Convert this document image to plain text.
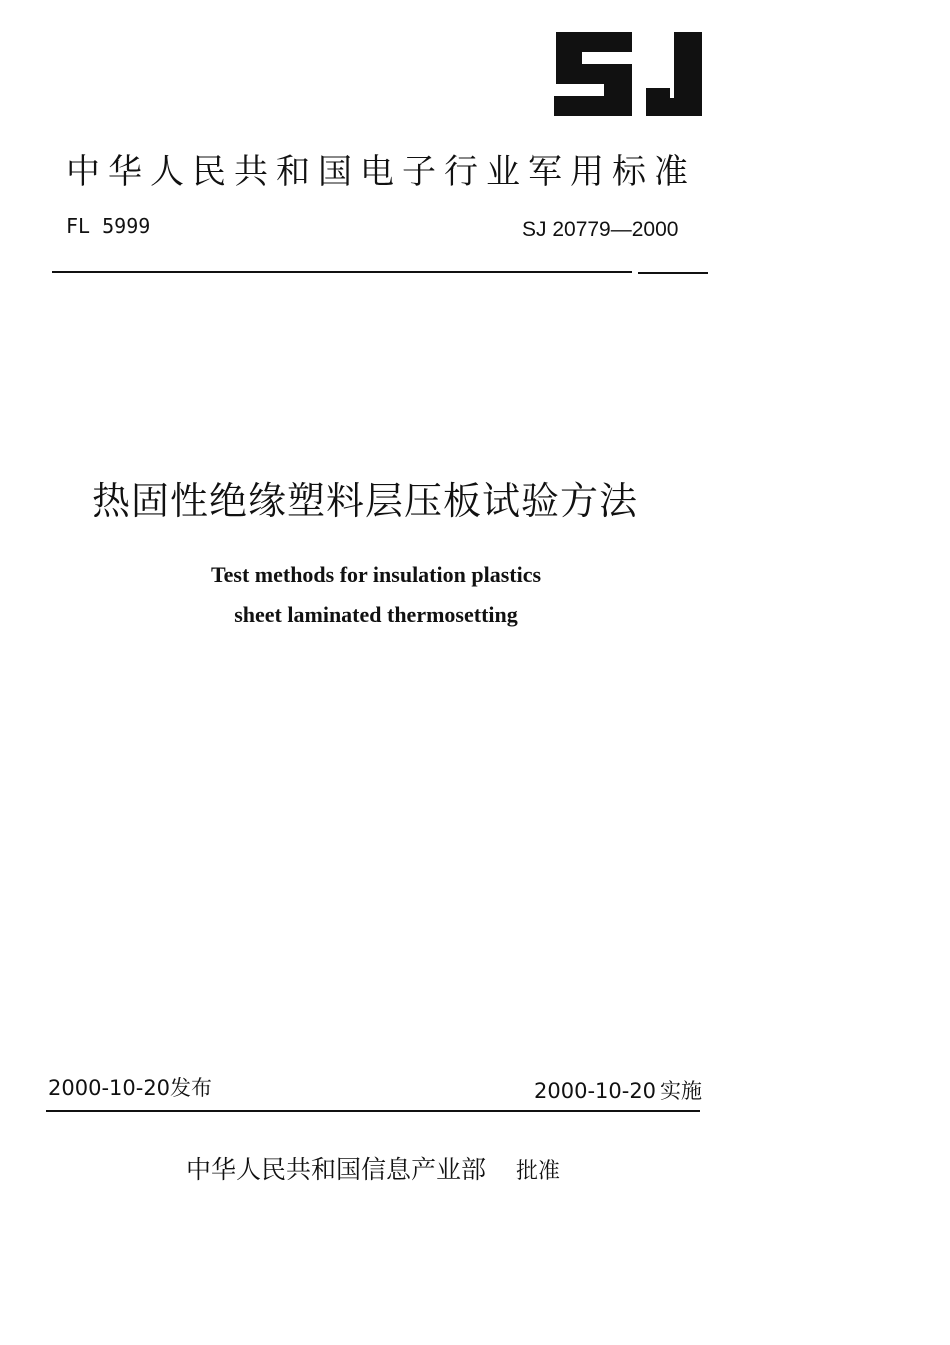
中华人民共和国电子行业军用标准
FL 5999	SJ 20779—2000
热固性绝缘塑料层压板试验方法
Test methods for insulation plastics
sheet laminated thermosetting
2000-10-20发布	2000-10-20 实施
中华人民共和国信息产业部 批准
